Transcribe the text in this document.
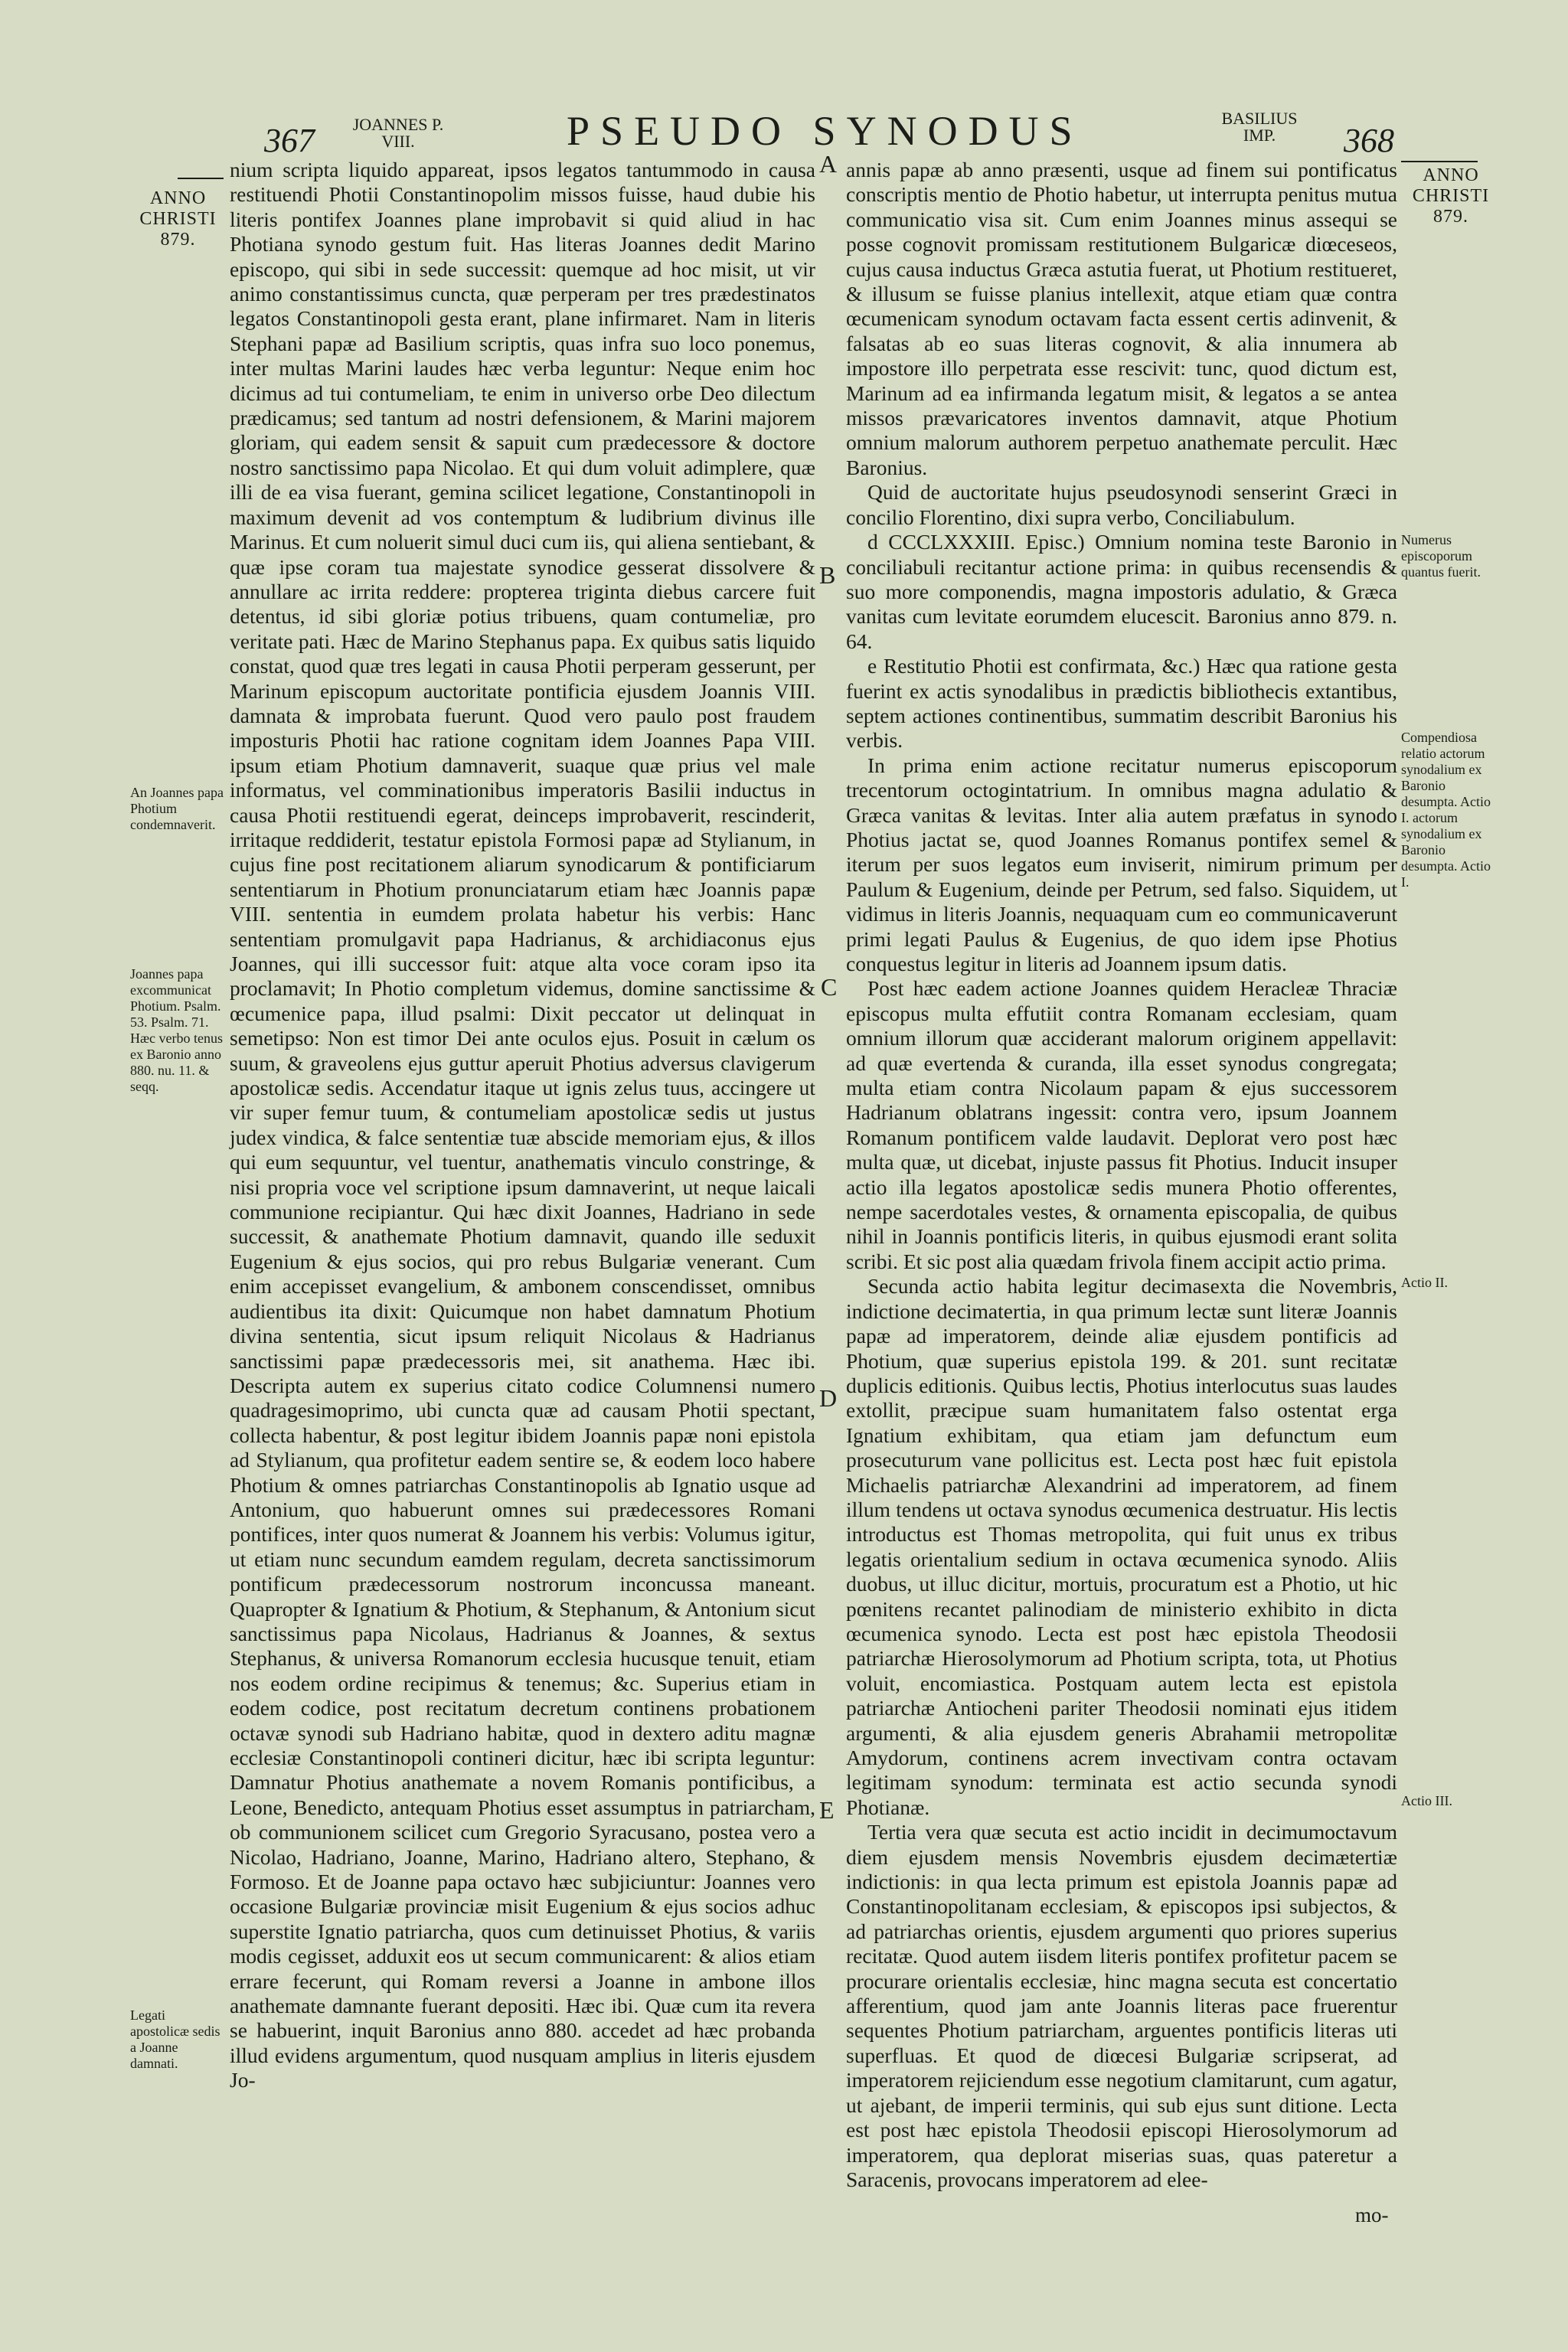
367 JOANNES P. VIII.	PSEUDO SYNODUS	BASILIUS IMP.	368
ANNO CHRISTI 879.
An Joannes papa Photium condemnaverit.
Joannes papa excommunicat Photium. Psalm. 53. Psalm. 71. Hæc verbo tenus ex Baronio anno 880. nu. 11. & seqq.
Legati apostolicæ sedis a Joanne damnati.
ANNO CHRISTI 879.
Numerus episcoporum quantus fuerit.
Compendiosa relatio actorum synodalium ex Baronio desumpta. Actio I. actorum synodalium ex Baronio desumpta. Actio I.
Actio II.
Actio III.
A
B
C
D
E

nium scripta liquido appareat, ipsos legatos tantummodo in causa restituendi Photii Constantinopolim missos fuisse, haud dubie his literis pontifex Joannes plane improbavit si quid aliud in hac Photiana synodo gestum fuit. Has literas Joannes dedit Marino episcopo, qui sibi in sede successit: quemque ad hoc misit, ut vir animo constantissimus cuncta, quæ perperam per tres prædestinatos legatos Constantinopoli gesta erant, plane infirmaret. Nam in literis Stephani papæ ad Basilium scriptis, quas infra suo loco ponemus, inter multas Marini laudes hæc verba leguntur: Neque enim hoc dicimus ad tui contumeliam, te enim in universo orbe Deo dilectum prædicamus; sed tantum ad nostri defensionem, & Marini majorem gloriam, qui eadem sensit & sapuit cum prædecessore & doctore nostro sanctissimo papa Nicolao. Et qui dum voluit adimplere, quæ illi de ea visa fuerant, gemina scilicet legatione, Constantinopoli in maximum devenit ad vos contemptum & ludibrium divinus ille Marinus. Et cum noluerit simul duci cum iis, qui aliena sentiebant, & quæ ipse coram tua majestate synodice gesserat dissolvere & annullare ac irrita reddere: propterea triginta diebus carcere fuit detentus, id sibi gloriæ potius tribuens, quam contumeliæ, pro veritate pati. Hæc de Marino Stephanus papa. Ex quibus satis liquido constat, quod quæ tres legati in causa Photii perperam gesserunt, per Marinum episcopum auctoritate pontificia ejusdem Joannis VIII. damnata & improbata fuerunt. Quod vero paulo post fraudem imposturis Photii hac ratione cognitam idem Joannes Papa VIII. ipsum etiam Photium damnaverit, suaque quæ prius vel male informatus, vel comminationibus imperatoris Basilii inductus in causa Photii restituendi egerat, deinceps improbaverit, rescinderit, irritaque reddiderit, testatur epistola Formosi papæ ad Stylianum, in cujus fine post recitationem aliarum synodicarum & pontificiarum sententiarum in Photium pronunciatarum etiam hæc Joannis papæ VIII. sententia in eumdem prolata habetur his verbis: Hanc sententiam promulgavit papa Hadrianus, & archidiaconus ejus Joannes, qui illi successor fuit: atque alta voce coram ipso ita proclamavit; In Photio completum videmus, domine sanctissime & œcumenice papa, illud psalmi: Dixit peccator ut delinquat in semetipso: Non est timor Dei ante oculos ejus. Posuit in cælum os suum, & graveolens ejus guttur aperuit Photius adversus clavigerum apostolicæ sedis. Accendatur itaque ut ignis zelus tuus, accingere ut vir super femur tuum, & contumeliam apostolicæ sedis ut justus judex vindica, & falce sententiæ tuæ abscide memoriam ejus, & illos qui eum sequuntur, vel tuentur, anathematis vinculo constringe, & nisi propria voce vel scriptione ipsum damnaverint, ut neque laicali communione recipiantur. Qui hæc dixit Joannes, Hadriano in sede successit, & anathemate Photium damnavit, quando ille seduxit Eugenium & ejus socios, qui pro rebus Bulgariæ venerant. Cum enim accepisset evangelium, & ambonem conscendisset, omnibus audientibus ita dixit: Quicumque non habet damnatum Photium divina sententia, sicut ipsum reliquit Nicolaus & Hadrianus sanctissimi papæ prædecessoris mei, sit anathema. Hæc ibi. Descripta autem ex superius citato codice Columnensi numero quadragesimoprimo, ubi cuncta quæ ad causam Photii spectant, collecta habentur, & post legitur ibidem Joannis papæ noni epistola ad Stylianum, qua profitetur eadem sentire se, & eodem loco habere Photium & omnes patriarchas Constantinopolis ab Ignatio usque ad Antonium, quo habuerunt omnes sui prædecessores Romani pontifices, inter quos numerat & Joannem his verbis: Volumus igitur, ut etiam nunc secundum eamdem regulam, decreta sanctissimorum pontificum prædecessorum nostrorum inconcussa maneant. Quapropter & Ignatium & Photium, & Stephanum, & Antonium sicut sanctissimus papa Nicolaus, Hadrianus & Joannes, & sextus Stephanus, & universa Romanorum ecclesia hucusque tenuit, etiam nos eodem ordine recipimus & tenemus; &c. Superius etiam in eodem codice, post recitatum decretum continens probationem octavæ synodi sub Hadriano habitæ, quod in dextero aditu magnæ ecclesiæ Constantinopoli contineri dicitur, hæc ibi scripta leguntur: Damnatur Photius anathemate a novem Romanis pontificibus, a Leone, Benedicto, antequam Photius esset assumptus in patriarcham, ob communionem scilicet cum Gregorio Syracusano, postea vero a Nicolao, Hadriano, Joanne, Marino, Hadriano altero, Stephano, & Formoso. Et de Joanne papa octavo hæc subjiciuntur: Joannes vero occasione Bulgariæ provinciæ misit Eugenium & ejus socios adhuc superstite Ignatio patriarcha, quos cum detinuisset Photius, & variis modis cegisset, adduxit eos ut secum communicarent: & alios etiam errare fecerunt, qui Romam reversi a Joanne in ambone illos anathemate damnante fuerant depositi. Hæc ibi. Quæ cum ita revera se habuerint, inquit Baronius anno 880. accedet ad hæc probanda illud evidens argumentum, quod nusquam amplius in literis ejusdem Jo-

annis papæ ab anno præsenti, usque ad finem sui pontificatus conscriptis mentio de Photio habetur, ut interrupta penitus mutua communicatio visa sit. Cum enim Joannes minus assequi se posse cognovit promissam restitutionem Bulgaricæ diœceseos, cujus causa inductus Græca astutia fuerat, ut Photium restitueret, & illusum se fuisse planius intellexit, atque etiam quæ contra œcumenicam synodum octavam facta essent certis adinvenit, & falsatas ab eo suas literas cognovit, & alia innumera ab impostore illo perpetrata esse rescivit: tunc, quod dictum est, Marinum ad ea infirmanda legatum misit, & legatos a se antea missos prævaricatores inventos damnavit, atque Photium omnium malorum authorem perpetuo anathemate perculit. Hæc Baronius.

Quid de auctoritate hujus pseudosynodi senserint Græci in concilio Florentino, dixi supra verbo, Conciliabulum.

d CCCLXXXIII. Episc.) Omnium nomina teste Baronio in conciliabuli recitantur actione prima: in quibus recensendis & suo more componendis, magna impostoris adulatio, & Græca vanitas cum levitate eorumdem elucescit. Baronius anno 879. n. 64.

e Restitutio Photii est confirmata, &c.) Hæc qua ratione gesta fuerint ex actis synodalibus in prædictis bibliothecis extantibus, septem actiones continentibus, summatim describit Baronius his verbis.

In prima enim actione recitatur numerus episcoporum trecentorum octogintatrium. In omnibus magna adulatio & Græca vanitas & levitas. Inter alia autem præfatus in synodo Photius jactat se, quod Joannes Romanus pontifex semel & iterum per suos legatos eum inviserit, nimirum primum per Paulum & Eugenium, deinde per Petrum, sed falso. Siquidem, ut vidimus in literis Joannis, nequaquam cum eo communicaverunt primi legati Paulus & Eugenius, de quo idem ipse Photius conquestus legitur in literis ad Joannem ipsum datis.

Post hæc eadem actione Joannes quidem Heracleæ Thraciæ episcopus multa effutiit contra Romanam ecclesiam, quam omnium illorum quæ acciderant malorum originem appellavit: ad quæ evertenda & curanda, illa esset synodus congregata; multa etiam contra Nicolaum papam & ejus successorem Hadrianum oblatrans ingessit: contra vero, ipsum Joannem Romanum pontificem valde laudavit. Deplorat vero post hæc multa quæ, ut dicebat, injuste passus fit Photius. Inducit insuper actio illa legatos apostolicæ sedis munera Photio offerentes, nempe sacerdotales vestes, & ornamenta episcopalia, de quibus nihil in Joannis pontificis literis, in quibus ejusmodi erant solita scribi. Et sic post alia quædam frivola finem accipit actio prima.

Secunda actio habita legitur decimasexta die Novembris, indictione decimatertia, in qua primum lectæ sunt literæ Joannis papæ ad imperatorem, deinde aliæ ejusdem pontificis ad Photium, quæ superius epistola 199. & 201. sunt recitatæ duplicis editionis. Quibus lectis, Photius interlocutus suas laudes extollit, præcipue suam humanitatem falso ostentat erga Ignatium exhibitam, qua etiam jam defunctum eum prosecuturum vane pollicitus est. Lecta post hæc fuit epistola Michaelis patriarchæ Alexandrini ad imperatorem, ad finem illum tendens ut octava synodus œcumenica destruatur. His lectis introductus est Thomas metropolita, qui fuit unus ex tribus legatis orientalium sedium in octava œcumenica synodo. Aliis duobus, ut illuc dicitur, mortuis, procuratum est a Photio, ut hic pœnitens recantet palinodiam de ministerio exhibito in dicta œcumenica synodo. Lecta est post hæc epistola Theodosii patriarchæ Hierosolymorum ad Photium scripta, tota, ut Photius voluit, encomiastica. Postquam autem lecta est epistola patriarchæ Antiocheni pariter Theodosii nominati ejus itidem argumenti, & alia ejusdem generis Abrahamii metropolitæ Amydorum, continens acrem invectivam contra octavam legitimam synodum: terminata est actio secunda synodi Photianæ.

Tertia vera quæ secuta est actio incidit in decimumoctavum diem ejusdem mensis Novembris ejusdem decimætertiæ indictionis: in qua lecta primum est epistola Joannis papæ ad Constantinopolitanam ecclesiam, & episcopos ipsi subjectos, & ad patriarchas orientis, ejusdem argumenti quo priores superius recitatæ. Quod autem iisdem literis pontifex profitetur pacem se procurare orientalis ecclesiæ, hinc magna secuta est concertatio afferentium, quod jam ante Joannis literas pace fruerentur sequentes Photium patriarcham, arguentes pontificis literas uti superfluas. Et quod de diœcesi Bulgariæ scripserat, ad imperatorem rejiciendum esse negotium clamitarunt, cum agatur, ut ajebant, de imperii terminis, qui sub ejus sunt ditione. Lecta est post hæc epistola Theodosii episcopi Hierosolymorum ad imperatorem, qua deplorat miserias suas, quas pateretur a Saracenis, provocans imperatorem ad elee-

mo-
